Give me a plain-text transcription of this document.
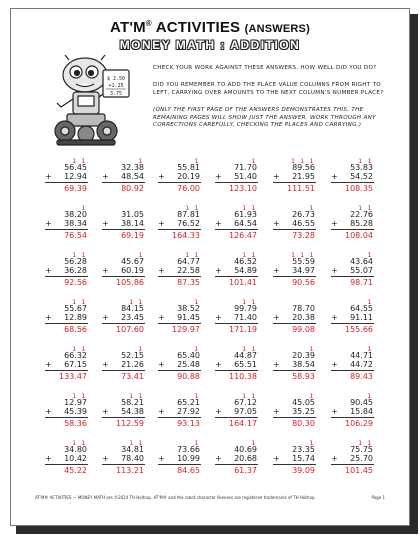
AT'M® ACTIVITIES (ANSWERS)
MONEY MATH : ADDITION
$ 2.50
+1.25
3.75
CHECK YOUR WORK AGAINST THESE ANSWERS. HOW WELL DID YOU DO?
DID YOU REMEMBER TO ADD THE PLACE VALUE COLUMNS FROM RIGHT TO LEFT, CARRYING OVER AMOUNTS TO THE NEXT COLUMN'S NUMBER PLACE?
(ONLY THE FIRST PAGE OF THE ANSWERS DEMONSTRATES THIS, THE REMAINING PAGES WILL SHOW JUST THE ANSWER. WORK THROUGH ANY CORRECTIONS CAREFULLY, CHECKING THE PLACES AND CARRYING.)
1 1
56.45
+ 12.94
69.39
1
32.38
+ 48.54
80.92
1
55.81
+ 20.19
76.00
1
71.70
+ 51.40
123.10
1 1 1
89.56
+ 21.95
111.51
1 1
53.83
+ 54.52
108.35
1
38.20
+ 38.34
76.54
31.05
+ 38.14
69.19
1 1
87.81
+ 76.52
164.33
1 1
61.93
+ 64.54
126.47
1
26.73
+ 46.55
73.28
1 1
22.76
+ 85.28
108.04
1 1
56.28
+ 36.28
92.56
1
45.67
+ 60.19
105.86
1 1
64.77
+ 22.58
87.35
1 1
46.52
+ 54.89
101.41
1 1 1
55.59
+ 34.97
90.56
1
43.64
+ 55.07
98.71
1 1
55.67
+ 12.89
68.56
1 1
84.15
+ 23.45
107.60
1
38.52
+ 91.45
129.97
1 1
99.79
+ 71.40
171.19
78.70
+ 20.38
99.08
1
64.55
+ 91.11
155.66
1 1
66.32
+ 67.15
133.47
1
52.15
+ 21.26
73.41
1
65.40
+ 25.48
90.88
1 1
44.87
+ 65.51
110.38
1
20.39
+ 38.54
58.93
1
44.71
+ 44.72
89.43
1 1
12.97
+ 45.39
58.36
1 1
58.21
+ 54.38
112.59
1
65.21
+ 27.92
93.13
1 1
67.12
+ 97.05
164.17
1
45.05
+ 35.25
80.30
1
90.45
+ 15.84
106.29
1 1
34.80
+ 10.42
45.22
1 1
34.81
+ 78.40
113.21
1
73.66
+ 10.99
84.65
1
40.69
+ 20.68
61.37
1
23.35
+ 15.74
39.09
1 1
75.75
+ 25.70
101.45
AT'M® ACTIVITIES — MONEY MATH are ©2024 TH Holtrop. AT'M® and the robot character likeness are registered trademarks of TH Holtrop.	Page 1
